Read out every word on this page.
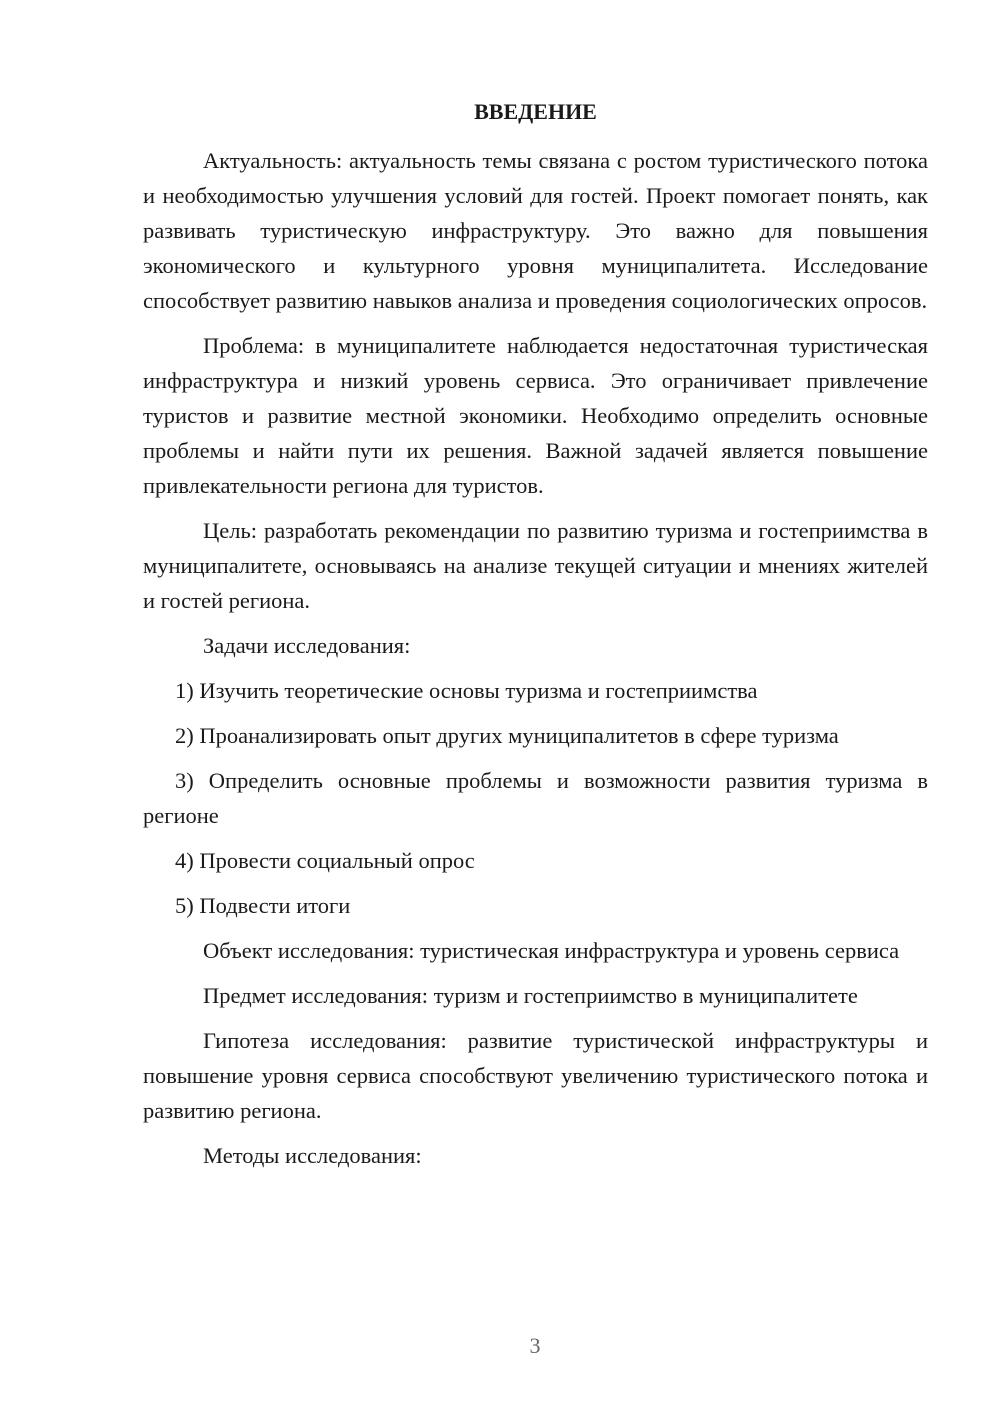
ВВЕДЕНИЕ

Актуальность: актуальность темы связана с ростом туристического потока и необходимостью улучшения условий для гостей. Проект помогает понять, как развивать туристическую инфраструктуру. Это важно для повышения экономического и культурного уровня муниципалитета. Исследование способствует развитию навыков анализа и проведения социологических опросов.

Проблема: в муниципалитете наблюдается недостаточная туристическая инфраструктура и низкий уровень сервиса. Это ограничивает привлечение туристов и развитие местной экономики. Необходимо определить основные проблемы и найти пути их решения. Важной задачей является повышение привлекательности региона для туристов.

Цель: разработать рекомендации по развитию туризма и гостеприимства в муниципалитете, основываясь на анализе текущей ситуации и мнениях жителей и гостей региона.

Задачи исследования:

1) Изучить теоретические основы туризма и гостеприимства

2) Проанализировать опыт других муниципалитетов в сфере туризма

3) Определить основные проблемы и возможности развития туризма в регионе

4) Провести социальный опрос

5) Подвести итоги

Объект исследования: туристическая инфраструктура и уровень сервиса

Предмет исследования: туризм и гостеприимство в муниципалитете

Гипотеза исследования: развитие туристической инфраструктуры и повышение уровня сервиса способствуют увеличению туристического потока и развитию региона.

Методы исследования:

3
